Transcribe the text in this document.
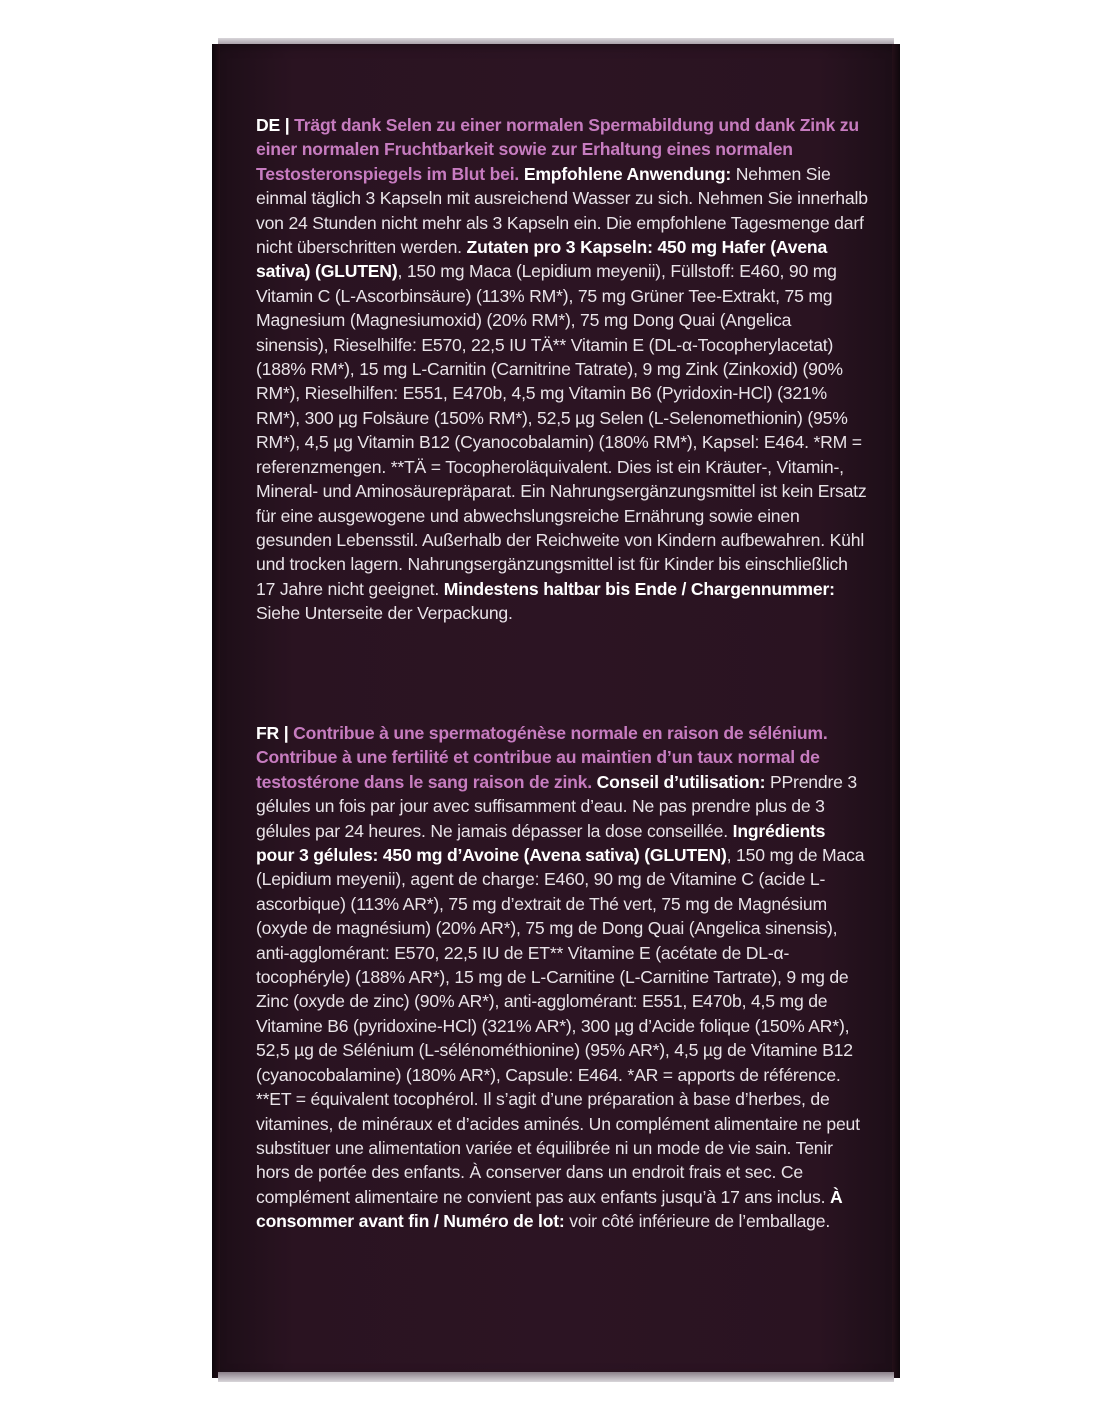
DE | Trägt dank Selen zu einer normalen Spermabildung und dank Zink zu einer normalen Fruchtbarkeit sowie zur Erhaltung eines normalen Testosteronspiegels im Blut bei. Empfohlene Anwendung: Nehmen Sie einmal täglich 3 Kapseln mit ausreichend Wasser zu sich. Nehmen Sie innerhalb von 24 Stunden nicht mehr als 3 Kapseln ein. Die empfohlene Tagesmenge darf nicht überschritten werden. Zutaten pro 3 Kapseln: 450 mg Hafer (Avena sativa) (GLUTEN), 150 mg Maca (Lepidium meyenii), Füllstoff: E460, 90 mg Vitamin C (L-Ascorbinsäure) (113% RM*), 75 mg Grüner Tee-Extrakt, 75 mg Magnesium (Magnesiumoxid) (20% RM*), 75 mg Dong Quai (Angelica sinensis), Rieselhilfe: E570, 22,5 IU TÄ** Vitamin E (DL-α-Tocopherylacetat) (188% RM*), 15 mg L-Carnitin (Carnitrine Tatrate), 9 mg Zink (Zinkoxid) (90% RM*), Rieselhilfen: E551, E470b, 4,5 mg Vitamin B6 (Pyridoxin-HCl) (321% RM*), 300 µg Folsäure (150% RM*), 52,5 µg Selen (L-Selenomethionin) (95% RM*), 4,5 µg Vitamin B12 (Cyanocobalamin) (180% RM*), Kapsel: E464. *RM = referenzmengen. **TÄ = Tocopheroläquivalent. Dies ist ein Kräuter-, Vitamin-, Mineral- und Aminosäurepräparat. Ein Nahrungsergänzungsmittel ist kein Ersatz für eine ausgewogene und abwechslungsreiche Ernährung sowie einen gesunden Lebensstil. Außerhalb der Reichweite von Kindern aufbewahren. Kühl und trocken lagern. Nahrungsergänzungsmittel ist für Kinder bis einschließlich 17 Jahre nicht geeignet. Mindestens haltbar bis Ende / Chargennummer: Siehe Unterseite der Verpackung.
FR | Contribue à une spermatogénèse normale en raison de sélénium. Contribue à une fertilité et contribue au maintien d’un taux normal de testostérone dans le sang raison de zink. Conseil d’utilisation: PPrendre 3 gélules un fois par jour avec suffisamment d’eau. Ne pas prendre plus de 3 gélules par 24 heures. Ne jamais dépasser la dose conseillée. Ingrédients pour 3 gélules: 450 mg d’Avoine (Avena sativa) (GLUTEN), 150 mg de Maca (Lepidium meyenii), agent de charge: E460, 90 mg de Vitamine C (acide L-ascorbique) (113% AR*), 75 mg d’extrait de Thé vert, 75 mg de Magnésium (oxyde de magnésium) (20% AR*), 75 mg de Dong Quai (Angelica sinensis), anti-agglomérant: E570, 22,5 IU de ET** Vitamine E (acétate de DL-α-tocophéryle) (188% AR*), 15 mg de L-Carnitine (L-Carnitine Tartrate), 9 mg de Zinc (oxyde de zinc) (90% AR*), anti-agglomérant: E551, E470b, 4,5 mg de Vitamine B6 (pyridoxine-HCl) (321% AR*), 300 µg d’Acide folique (150% AR*), 52,5 µg de Sélénium (L-sélénométhionine) (95% AR*), 4,5 µg de Vitamine B12 (cyanocobalamine) (180% AR*), Capsule: E464. *AR = apports de référence. **ET = équivalent tocophérol. Il s’agit d’une préparation à base d’herbes, de vitamines, de minéraux et d’acides aminés. Un complément alimentaire ne peut substituer une alimentation variée et équilibrée ni un mode de vie sain. Tenir hors de portée des enfants. À conserver dans un endroit frais et sec. Ce complément alimentaire ne convient pas aux enfants jusqu’à 17 ans inclus. À consommer avant fin / Numéro de lot: voir côté inférieure de l’emballage.
